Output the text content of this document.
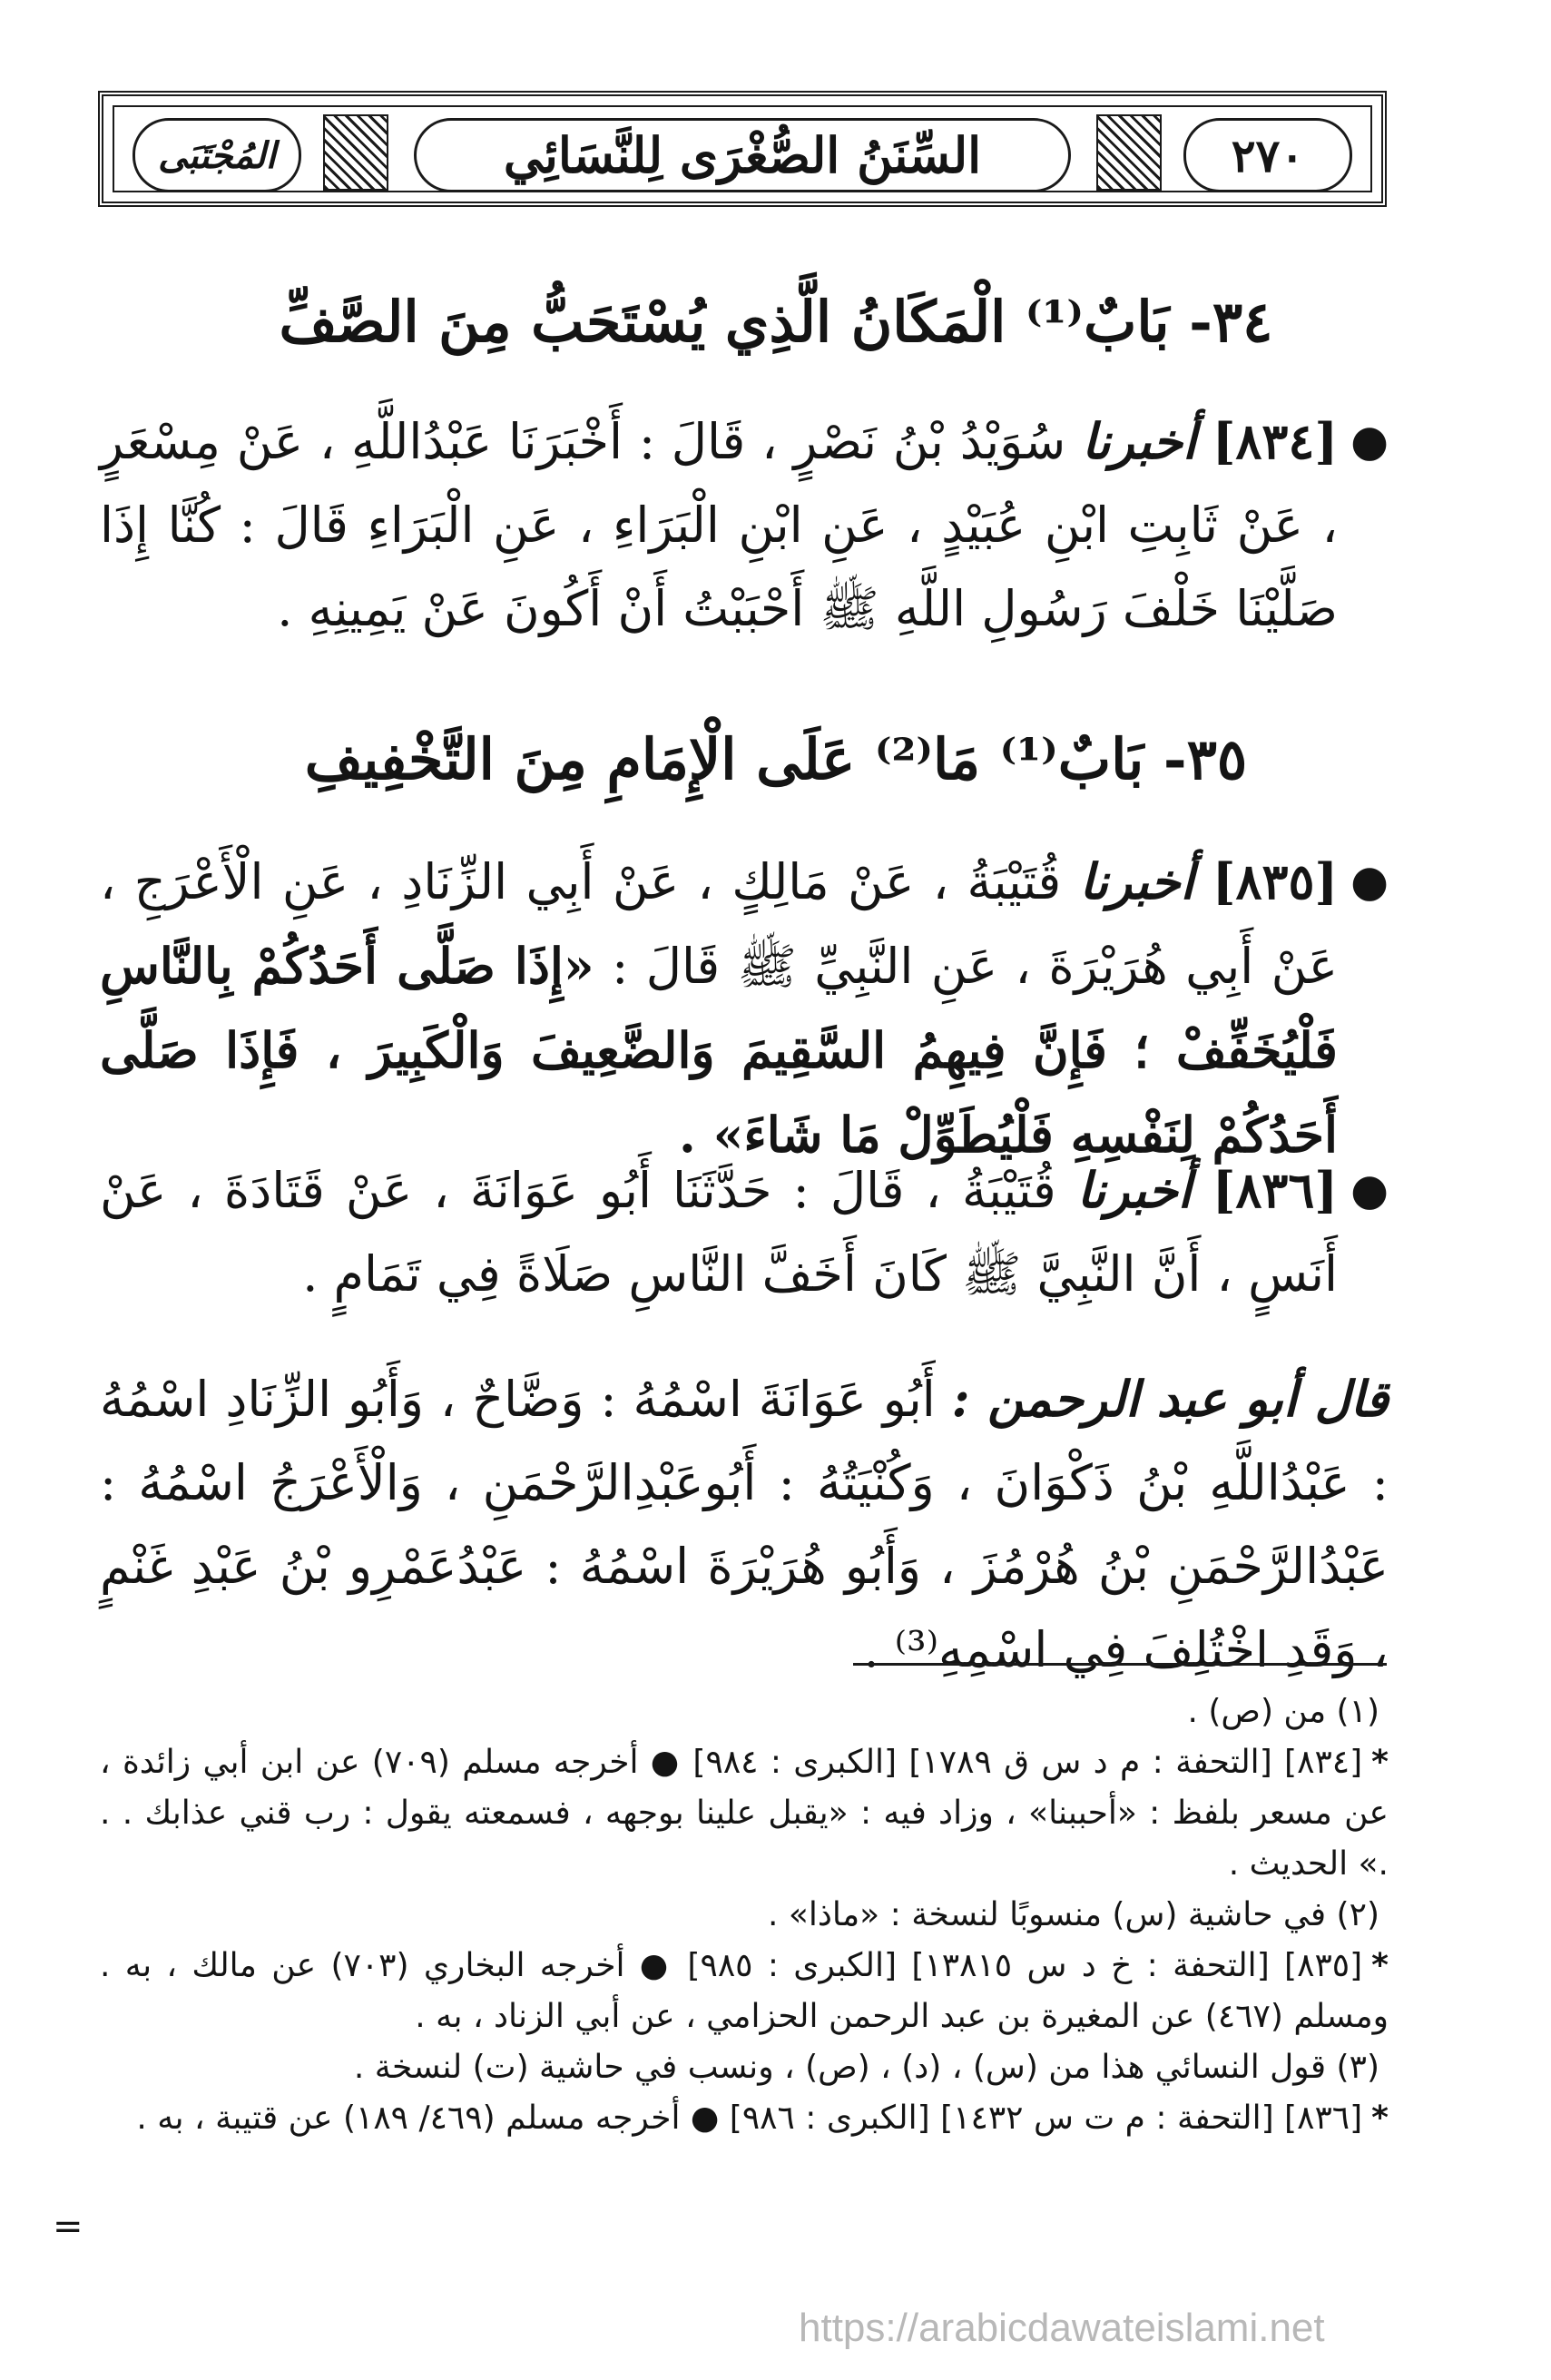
٢٧٠
السِّنَنُ الصُّغْرَى لِلنَّسَائِي
المُجْتَبَى
٣٤- بَابٌ⁽¹⁾ الْمَكَانُ الَّذِي يُسْتَحَبُّ مِنَ الصَّفِّ
●
[٨٣٤] أخبرنا سُوَيْدُ بْنُ نَصْرٍ ، قَالَ : أَخْبَرَنَا عَبْدُاللَّهِ ، عَنْ مِسْعَرٍ ، عَنْ ثَابِتِ ابْنِ عُبَيْدٍ ، عَنِ ابْنِ الْبَرَاءِ ، عَنِ الْبَرَاءِ قَالَ : كُنَّا إِذَا صَلَّيْنَا خَلْفَ رَسُولِ اللَّهِ ﷺ أَحْبَبْتُ أَنْ أَكُونَ عَنْ يَمِينِهِ .
٣٥- بَابٌ⁽¹⁾ مَا⁽²⁾ عَلَى الْإِمَامِ مِنَ التَّخْفِيفِ
●
[٨٣٥] أخبرنا قُتَيْبَةُ ، عَنْ مَالِكٍ ، عَنْ أَبِي الزِّنَادِ ، عَنِ الْأَعْرَجِ ، عَنْ أَبِي هُرَيْرَةَ ، عَنِ النَّبِيِّ ﷺ قَالَ : «إِذَا صَلَّى أَحَدُكُمْ بِالنَّاسِ فَلْيُخَفِّفْ ؛ فَإِنَّ فِيهِمُ السَّقِيمَ وَالضَّعِيفَ وَالْكَبِيرَ ، فَإِذَا صَلَّى أَحَدُكُمْ لِنَفْسِهِ فَلْيُطَوِّلْ مَا شَاءَ» .
●
[٨٣٦] أخبرنا قُتَيْبَةُ ، قَالَ : حَدَّثَنَا أَبُو عَوَانَةَ ، عَنْ قَتَادَةَ ، عَنْ أَنَسٍ ، أَنَّ النَّبِيَّ ﷺ كَانَ أَخَفَّ النَّاسِ صَلَاةً فِي تَمَامٍ .
قال أبو عبد الرحمن : أَبُو عَوَانَةَ اسْمُهُ : وَضَّاحٌ ، وَأَبُو الزِّنَادِ اسْمُهُ : عَبْدُاللَّهِ بْنُ ذَكْوَانَ ، وَكُنْيَتُهُ : أَبُوعَبْدِالرَّحْمَنِ ، وَالْأَعْرَجُ اسْمُهُ : عَبْدُالرَّحْمَنِ بْنُ هُرْمُزَ ، وَأَبُو هُرَيْرَةَ اسْمُهُ : عَبْدُعَمْرِو بْنُ عَبْدِ غَنْمٍ ، وَقَدِ اخْتُلِفَ فِي اسْمِهِ⁽³⁾ .
(١) من (ص) .
*[٨٣٤] [التحفة : م د س ق ١٧٨٩] [الكبرى : ٩٨٤] ● أخرجه مسلم (٧٠٩) عن ابن أبي زائدة ، عن مسعر بلفظ : «أحببنا» ، وزاد فيه : «يقبل علينا بوجهه ، فسمعته يقول : رب قني عذابك . . .» الحديث .
(٢) في حاشية (س) منسوبًا لنسخة : «ماذا» .
*[٨٣٥] [التحفة : خ د س ١٣٨١٥] [الكبرى : ٩٨٥] ● أخرجه البخاري (٧٠٣) عن مالك ، به . ومسلم (٤٦٧) عن المغيرة بن عبد الرحمن الحزامي ، عن أبي الزناد ، به .
(٣) قول النسائي هذا من (س) ، (د) ، (ص) ، ونسب في حاشية (ت) لنسخة .
*[٨٣٦] [التحفة : م ت س ١٤٣٢] [الكبرى : ٩٨٦] ● أخرجه مسلم (٤٦٩/ ١٨٩) عن قتيبة ، به .
=
https://arabicdawateislami.net
